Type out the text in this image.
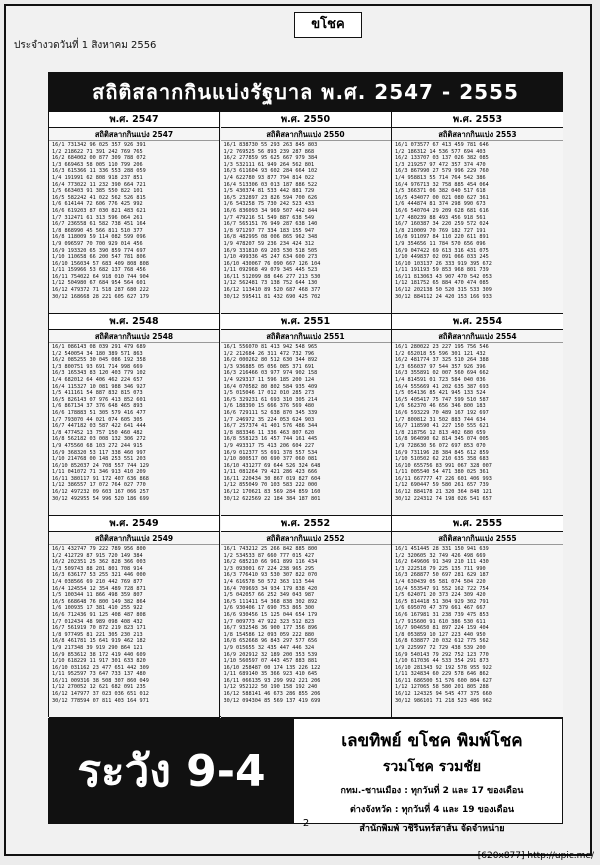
ประจำงวดวันที่ 1 สิงหาคม 2556
ขโชค
สถิติสลากกินแบ่งรัฐบาล พ.ศ. 2547 - 2555
พ.ศ. 2547
สถิติสลากกินแบ่ง 2547
16/1 731342 96 025 357 926 391
1/2 218622 71 391 242 769 765
16/2 684002 00 877 309 788 072
1/3 669463 58 005 110 799 206
16/3 615366 11 336 553 288 059
1/4 191991 62 808 918 237 851
16/4 773022 11 232 390 664 721
1/5 663403 91 385 550 822 101
16/5 582242 41 022 562 526 815
1/6 614144 72 606 776 425 992
16/6 619203 87 030 821 483 621
1/7 312471 61 313 596 064 261
16/7 236558 61 582 738 451 164
1/8 868990 45 566 811 510 377
16/8 118009 59 114 082 599 096
1/9 096597 70 700 929 014 456
16/9 193320 65 390 859 774 697
1/10 110658 66 200 547 781 806
16/10 156034 57 683 409 808 808
1/11 159966 53 682 137 768 456
16/11 754022 64 918 010 744 904
1/12 504980 67 684 954 564 601
16/12 479372 71 518 287 680 222
30/12 168668 28 221 605 627 179
พ.ศ. 2550
สถิติสลากกินแบ่ง 2550
16/1 838730 55 293 263 845 803
1/2 769525 56 893 239 287 868
16/2 277859 95 625 667 979 384
1/3 532111 61 949 264 562 801
16/3 611604 93 602 284 664 102
1/4 622780 93 877 794 814 022
16/4 513306 03 013 187 886 522
1/5 430374 81 533 442 881 729
16/5 232897 23 826 594 700 626
1/6 543258 75 730 242 523 433
16/6 836093 34 969 507 442 844
1/7 479216 51 549 887 638 549
16/7 565151 76 949 287 638 140
1/8 971297 77 334 183 155 947
16/8 482995 08 006 865 962 348
1/9 478207 59 236 234 424 312
16/9 331810 69 203 530 518 505
1/10 499336 45 247 634 600 273
16/10 430067 76 090 667 126 104
1/11 092968 49 079 345 445 523
16/11 512099 88 646 277 213 530
1/12 562481 73 138 752 644 130
16/12 113410 89 520 687 468 377
30/12 595411 81 432 690 425 702
พ.ศ. 2553
สถิติสลากกินแบ่ง 2553
16/1 073577 67 413 459 781 646
1/2 186312 14 536 577 694 403
16/2 133707 03 137 026 382 085
1/3 219257 97 472 357 374 470
16/3 867990 27 579 996 229 760
1/4 958813 55 714 764 542 386
16/4 976713 32 758 885 454 064
1/5 366371 06 382 040 517 618
16/5 434077 00 021 080 627 361
1/6 444874 81 374 298 990 673
16/6 540704 29 209 628 681 616
1/7 480239 88 493 456 918 561
16/7 160387 34 220 259 572 024
1/8 210009 70 769 182 727 191
16/8 911097 84 110 220 611 891
1/9 354656 11 784 570 656 096
16/9 047422 69 613 316 431 075
1/10 449837 02 091 066 033 245
16/10 103137 26 333 919 395 672
1/11 191193 59 853 968 801 739
16/11 813063 43 907 470 542 053
1/12 181752 65 884 470 474 085
16/12 202138 50 520 315 533 309
30/12 884112 24 420 153 166 933
พ.ศ. 2548
สถิติสลากกินแบ่ง 2548
16/1 086143 08 039 291 479 689
1/2 540054 34 180 389 571 863
16/2 085255 30 045 086 192 358
1/3 800751 93 691 714 998 669
16/3 165343 83 120 403 779 102
1/4 682012 64 406 462 224 657
16/4 115327 10 081 988 346 927
1/5 411161 54 887 832 815 073
16/5 826143 07 976 413 852 601
1/6 867134 37 376 648 465 893
16/6 178883 51 305 579 416 477
1/7 793070 44 021 074 605 305
16/7 447182 03 587 422 641 444
1/8 477452 13 757 150 460 482
16/8 562182 03 008 132 306 272
1/9 475560 68 103 272 244 915
16/9 368320 53 117 338 460 997
1/10 214768 00 148 253 551 203
16/10 852037 24 708 557 744 129
1/11 041072 71 346 913 410 209
16/11 380117 91 172 407 636 868
1/12 386557 17 072 764 027 770
16/12 497232 09 603 167 066 257
30/12 492955 54 996 520 186 699
พ.ศ. 2551
สถิติสลากกินแบ่ง 2551
16/1 556070 81 413 942 548 965
1/2 212684 26 311 472 732 796
16/2 000262 80 512 630 344 892
1/3 936885 05 056 085 371 691
16/3 216466 03 977 974 902 158
1/4 929317 11 596 185 200 124
16/4 070582 80 802 584 935 409
1/5 015046 17 012 010 285 273
16/5 329231 61 693 310 305 214
1/6 188390 15 666 376 569 480
16/6 729111 52 638 870 345 339
1/7 246972 35 224 053 624 903
16/7 257374 41 401 576 486 344
1/8 883346 11 336 463 807 620
16/8 558123 16 457 744 161 445
1/9 493317 75 413 206 604 227
16/9 012377 55 691 378 557 534
1/10 800517 00 690 377 060 081
16/10 431277 69 644 526 324 648
1/11 081264 79 421 286 423 666
16/11 220434 30 867 019 827 604
1/12 855049 70 103 583 222 000
16/12 170621 83 569 284 859 160
30/12 622569 22 184 384 187 801
พ.ศ. 2554
สถิติสลากกินแบ่ง 2554
16/1 280022 23 227 195 756 546
1/2 652018 55 596 301 121 432
16/2 481774 37 325 510 264 388
1/3 656037 97 544 357 926 396
16/3 355891 02 007 560 694 662
1/4 814591 01 723 584 040 036
16/4 555669 41 202 635 387 693
1/5 054136 85 421 945 133 524
16/5 405417 75 747 599 510 587
1/6 562370 46 656 346 800 183
16/6 593229 70 489 167 192 697
1/7 800812 31 502 883 744 634
16/7 118590 41 227 150 555 621
1/8 218756 12 813 402 680 659
16/8 964090 62 814 345 074 005
1/9 728630 56 072 697 853 070
16/9 731196 28 384 845 612 859
1/10 510502 62 210 635 358 683
16/10 655756 83 991 067 328 007
1/11 005540 54 471 380 025 361
16/11 667777 47 226 601 406 993
1/12 690447 59 580 261 657 739
16/12 884178 21 320 364 848 121
30/12 224312 74 198 026 541 657
พ.ศ. 2549
สถิติสลากกินแบ่ง 2549
16/1 432747 79 222 789 956 800
1/2 412729 87 915 720 149 384
16/2 202351 25 362 828 366 003
1/3 509743 88 201 801 708 914
16/3 636177 53 255 321 446 000
1/4 038566 69 210 442 769 877
16/4 124554 12 354 489 728 871
1/5 100344 11 866 498 359 807
16/5 668648 76 800 149 382 864
1/6 100935 17 381 410 255 922
16/6 712436 91 125 408 487 808
1/7 012434 48 989 098 408 432
16/7 561919 70 872 219 823 171
1/8 977495 81 221 305 230 213
16/8 461781 15 641 919 462 182
1/9 217348 39 919 290 864 121
16/9 853612 38 172 419 440 609
1/10 618229 11 917 301 633 820
16/10 031162 23 477 651 442 309
1/11 952597 73 647 733 137 480
16/11 009316 38 508 307 860 049
1/12 270052 12 621 682 091 235
16/12 147977 37 023 036 651 012
30/12 778594 07 811 403 164 971
พ.ศ. 2552
สถิติสลากกินแบ่ง 2552
16/1 743212 25 266 842 885 800
1/2 534533 87 660 777 015 427
16/2 685210 66 961 899 116 434
1/3 093001 67 224 238 965 295
16/3 776410 93 530 307 822 070
1/4 616578 50 572 363 113 544
16/4 709693 34 934 179 838 420
1/5 042057 66 252 349 043 987
16/5 111411 54 368 838 302 892
1/6 930406 17 690 753 865 300
16/6 930456 15 125 044 654 179
1/7 009773 47 922 323 512 823
16/7 932548 36 900 177 356 896
1/8 154586 12 093 059 222 880
16/8 652668 96 843 297 577 656
1/9 015655 32 435 447 446 324
16/9 202912 32 189 200 353 539
1/10 560597 07 443 457 883 881
16/10 258487 00 174 135 226 122
1/11 689140 35 366 923 410 645
16/11 066135 93 299 992 221 206
1/12 952122 50 190 158 192 240
16/12 588141 46 673 286 855 206
30/12 094304 85 569 137 419 699
พ.ศ. 2555
สถิติสลากกินแบ่ง 2555
16/1 451445 28 331 150 941 639
1/2 320605 32 749 426 498 669
16/2 649606 91 349 210 111 430
1/3 222518 79 225 135 711 990
16/3 268877 50 697 281 629 187
1/4 630439 05 581 074 504 220
16/4 553547 91 552 162 722 754
1/5 624071 20 373 224 309 420
16/5 814418 51 304 929 302 791
1/6 695070 47 379 661 467 667
16/6 167981 31 238 739 475 853
1/7 915600 91 610 386 530 611
16/7 904650 81 897 224 159 404
1/8 053859 10 127 223 440 950
16/8 638877 20 032 612 775 562
1/9 225997 72 729 438 539 200
16/9 540143 79 292 752 123 770
1/10 617036 44 533 354 291 873
16/10 281343 92 192 578 955 922
1/11 324834 60 229 578 646 862
16/11 686500 51 576 600 804 627
1/12 127065 58 580 201 805 288
16/12 124325 94 545 477 375 660
30/12 986101 71 218 523 486 962
ระวัง 9-4
เลขทิพย์ ขโชค พิมพ์โชค
รวมโชค รวมชัย
กทม.-ชานเมือง : ทุกวันที่ 2 และ 17 ของเดือน
ต่างจังหวัด : ทุกวันที่ 4 และ 19 ของเดือน
สำนักพิมพ์ วชิรินทร์สาส์น จัดจำหน่าย
2
[620x877] http://upic.me/
